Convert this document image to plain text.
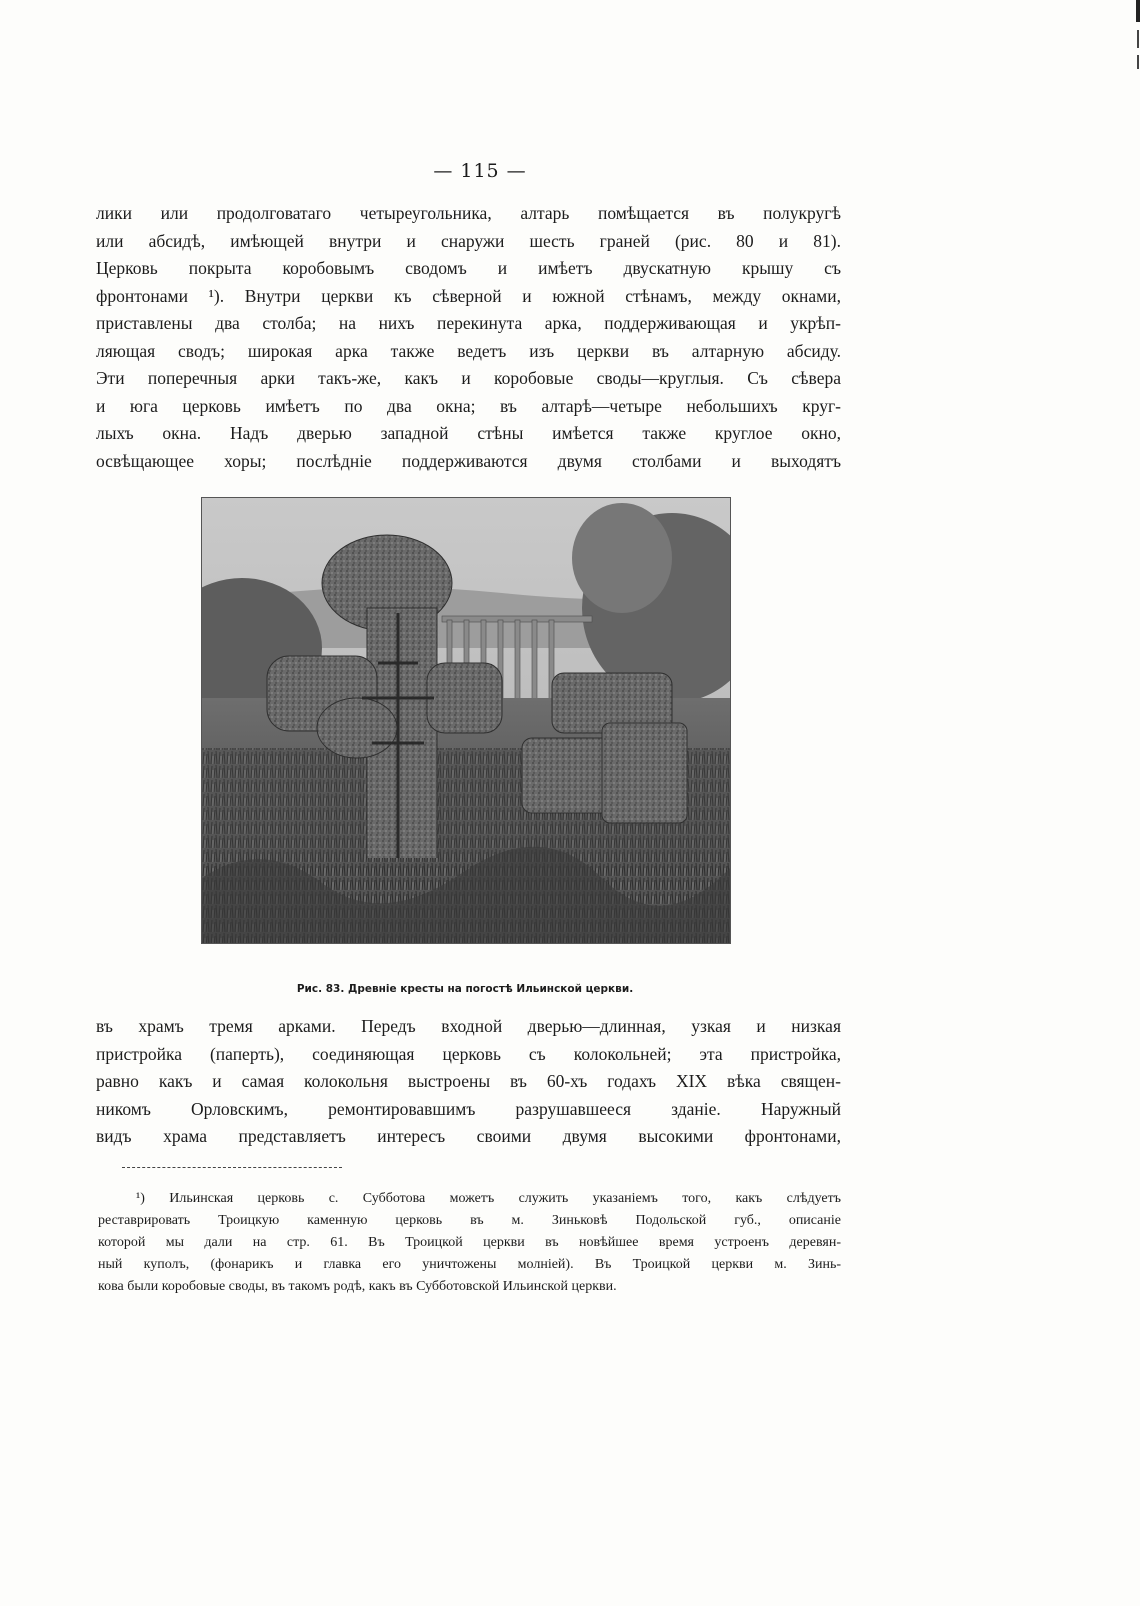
— 115 —
лики или продолговатаго четыреугольника, алтарь помѣщается въ полукругѣ
или абсидѣ, имѣющей внутри и снаружи шесть граней (рис. 80 и 81).
Церковь покрыта коробовымъ сводомъ и имѣетъ двускатную крышу съ
фронтонами ¹). Внутри церкви къ сѣверной и южной стѣнамъ, между окнами,
приставлены два столба; на нихъ перекинута арка, поддерживающая и укрѣп-
ляющая сводъ; широкая арка также ведетъ изъ церкви въ алтарную абсиду.
Эти поперечныя арки такъ-же, какъ и коробовые своды—круглыя. Съ сѣвера
и юга церковь имѣетъ по два окна; въ алтарѣ—четыре небольшихъ круг-
лыхъ окна. Надъ дверью западной стѣны имѣется также круглое окно,
освѣщающее хоры; послѣдніе поддерживаются двумя столбами и выходятъ
Рис. 83. Древніе кресты на погостѣ Ильинской церкви.
въ храмъ тремя арками. Передъ входной дверью—длинная, узкая и низкая
пристройка (паперть), соединяющая церковь съ колокольней; эта пристройка,
равно какъ и самая колокольня выстроены въ 60-хъ годахъ XIX вѣка священ-
никомъ Орловскимъ, ремонтировавшимъ разрушавшееся зданіе. Наружный
видъ храма представляетъ интересъ своими двумя высокими фронтонами,
¹) Ильинская церковь с. Субботова можетъ служить указаніемъ того, какъ слѣдуетъ
реставрировать Троицкую каменную церковь въ м. Зиньковѣ Подольской губ., описаніе
которой мы дали на стр. 61. Въ Троицкой церкви въ новѣйшее время устроенъ деревян-
ный куполъ, (фонарикъ и главка его уничтожены молніей). Въ Троицкой церкви м. Зинь-
кова были коробовые своды, въ такомъ родѣ, какъ въ Субботовской Ильинской церкви.
